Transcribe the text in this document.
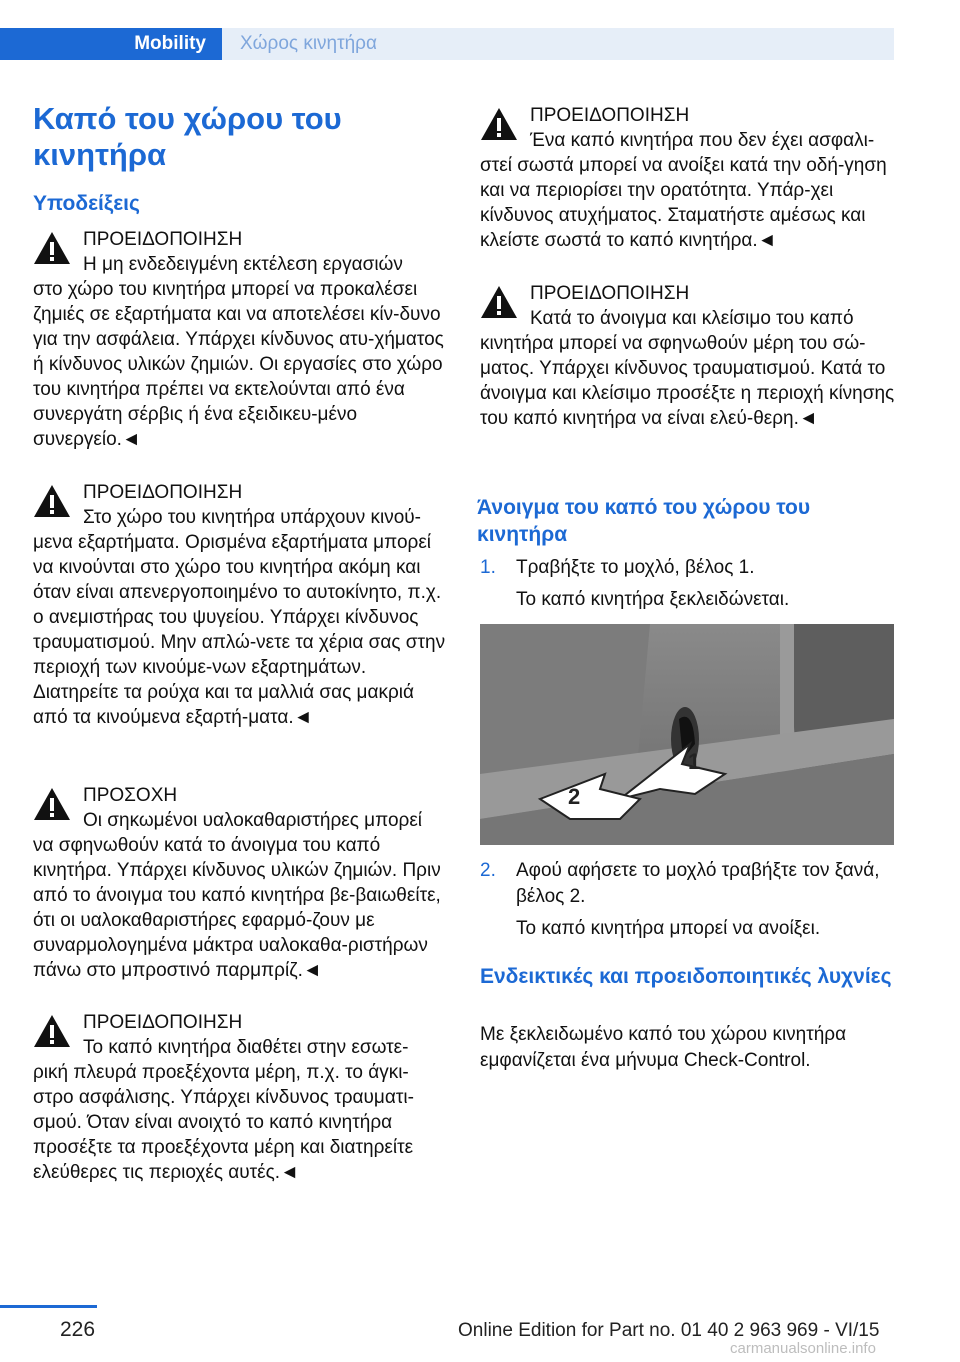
Mobility Χώρος κινητήρα
Καπό του χώρου του
κινητήρα
Υποδείξεις
ΠΡΟΕΙΔΟΠΟΙΗΣΗ
Η μη ενδεδειγμένη εκτέλεση εργασιών
στο χώρο του κινητήρα μπορεί να προκαλέσει ζημιές σε εξαρτήματα και να αποτελέσει κίν‐δυνο για την ασφάλεια. Υπάρχει κίνδυνος ατυ‐χήματος ή κίνδυνος υλικών ζημιών. Οι εργασίες στο χώρο του κινητήρα πρέπει να εκτελούνται από ένα συνεργάτη σέρβις ή ένα εξειδικευ‐μένο συνεργείο.◄
ΠΡΟΕΙΔΟΠΟΙΗΣΗ
Στο χώρο του κινητήρα υπάρχουν κινού‐
μενα εξαρτήματα. Ορισμένα εξαρτήματα μπορεί να κινούνται στο χώρο του κινητήρα ακόμη και όταν είναι απενεργοποιημένο το αυτοκίνητο, π.χ. ο ανεμιστήρας του ψυγείου. Υπάρχει κίνδυνος τραυματισμού. Μην απλώ‐νετε τα χέρια σας στην περιοχή των κινούμε‐νων εξαρτημάτων. Διατηρείτε τα ρούχα και τα μαλλιά σας μακριά από τα κινούμενα εξαρτή‐ματα.◄
ΠΡΟΣΟΧΗ
Οι σηκωμένοι υαλοκαθαριστήρες μπορεί
να σφηνωθούν κατά το άνοιγμα του καπό κινητήρα. Υπάρχει κίνδυνος υλικών ζημιών. Πριν από το άνοιγμα του καπό κινητήρα βε‐βαιωθείτε, ότι οι υαλοκαθαριστήρες εφαρμό‐ζουν με συναρμολογημένα μάκτρα υαλοκαθα‐ριστήρων πάνω στο μπροστινό παρμπρίζ.◄
ΠΡΟΕΙΔΟΠΟΙΗΣΗ
Το καπό κινητήρα διαθέτει στην εσωτε‐
ρική πλευρά προεξέχοντα μέρη, π.χ. το άγκι‐στρο ασφάλισης. Υπάρχει κίνδυνος τραυματι‐σμού. Όταν είναι ανοιχτό το καπό κινητήρα προσέξτε τα προεξέχοντα μέρη και διατηρείτε ελεύθερες τις περιοχές αυτές.◄
ΠΡΟΕΙΔΟΠΟΙΗΣΗ
Ένα καπό κινητήρα που δεν έχει ασφαλι‐
στεί σωστά μπορεί να ανοίξει κατά την οδή‐γηση και να περιορίσει την ορατότητα. Υπάρ‐χει κίνδυνος ατυχήματος. Σταματήστε αμέσως και κλείστε σωστά το καπό κινητήρα.◄
ΠΡΟΕΙΔΟΠΟΙΗΣΗ
Κατά το άνοιγμα και κλείσιμο του καπό
κινητήρα μπορεί να σφηνωθούν μέρη του σώ‐ματος. Υπάρχει κίνδυνος τραυματισμού. Κατά το άνοιγμα και κλείσιμο προσέξτε η περιοχή κίνησης του καπό κινητήρα να είναι ελεύ‐θερη.◄
Άνοιγμα του καπό του χώρου του κινητήρα
1.	Τραβήξτε το μοχλό, βέλος 1.
Το καπό κινητήρα ξεκλειδώνεται.
2.	Αφού αφήσετε το μοχλό τραβήξτε τον ξανά, βέλος 2.
Το καπό κινητήρα μπορεί να ανοίξει.
Ενδεικτικές και προειδοποιητικές λυχνίες
Με ξεκλειδωμένο καπό του χώρου κινητήρα εμφανίζεται ένα μήνυμα Check-Control.
1
2
226	Online Edition for Part no. 01 40 2 963 969 - VI/15
carmanualsonline.info
